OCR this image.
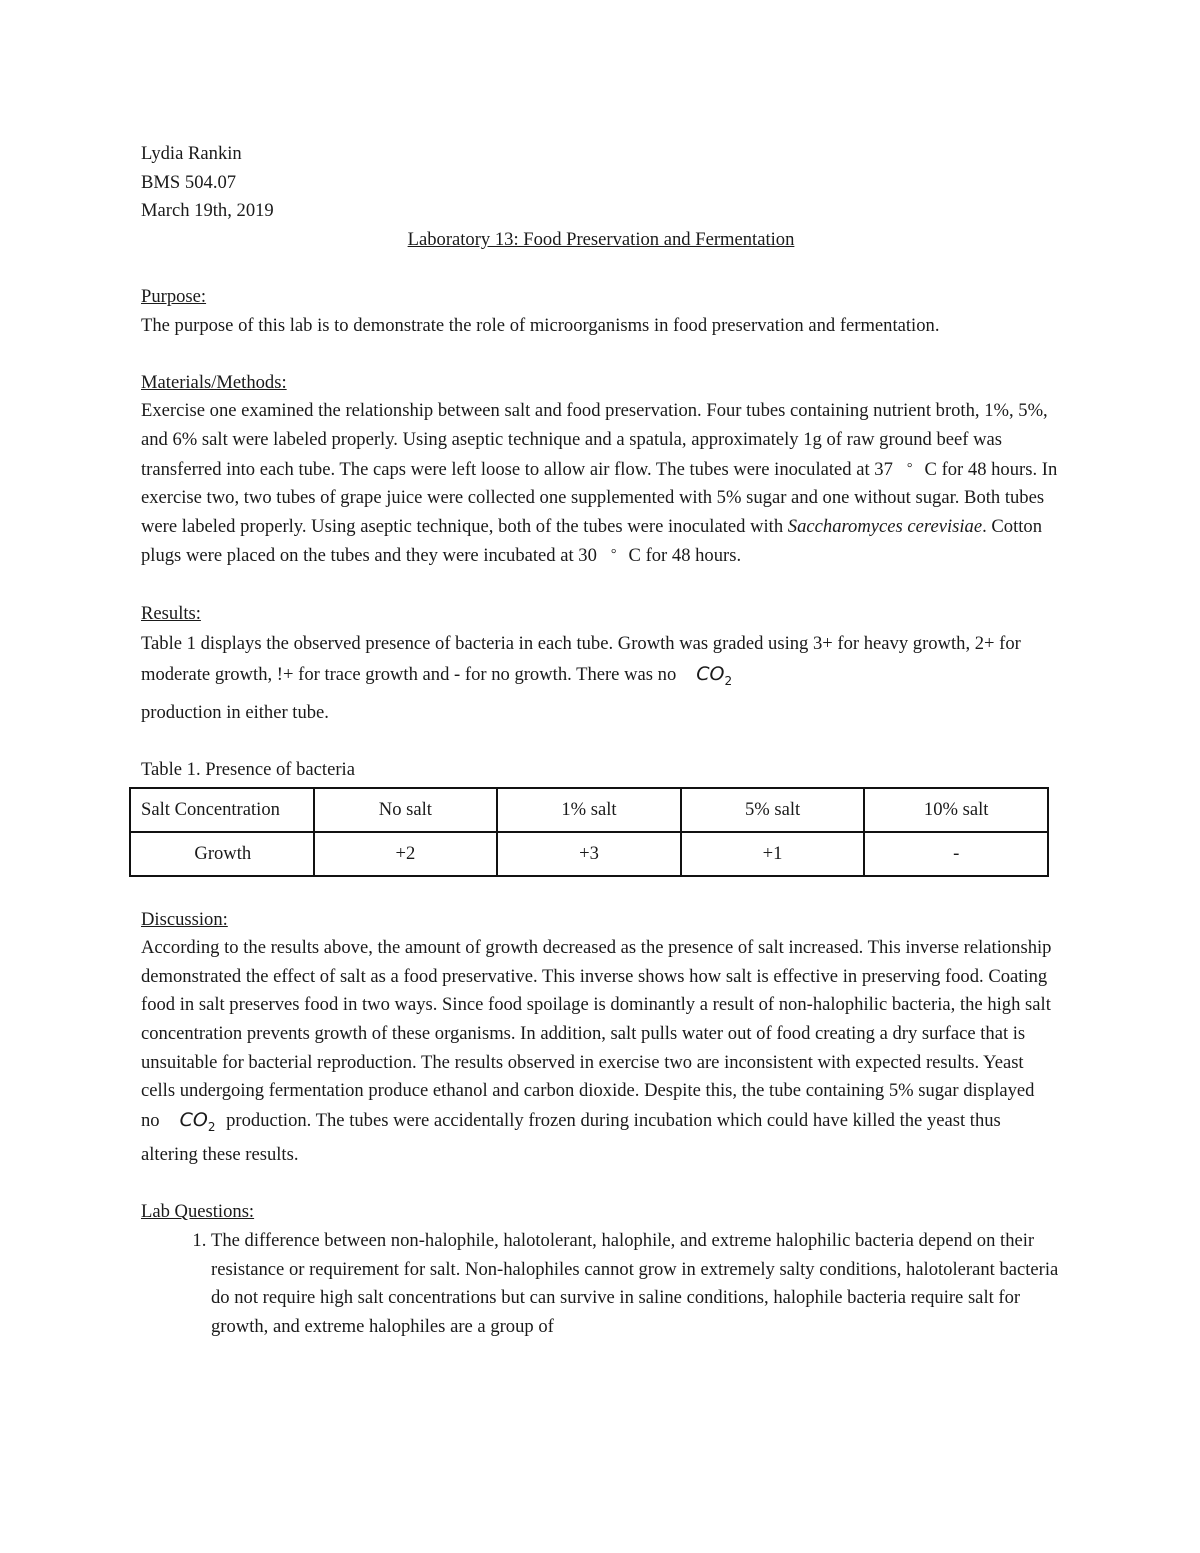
Lydia Rankin
BMS 504.07
March 19th, 2019
Laboratory 13: Food Preservation and Fermentation
Purpose:

The purpose of this lab is to demonstrate the role of microorganisms in food preservation and fermentation.

Materials/Methods:

Exercise one examined the relationship between salt and food preservation. Four tubes containing nutrient broth, 1%, 5%, and 6% salt were labeled properly. Using aseptic technique and a spatula, approximately 1g of raw ground beef was transferred into each tube. The caps were left loose to allow air flow. The tubes were inoculated at 37 ° C for 48 hours. In exercise two, two tubes of grape juice were collected one supplemented with 5% sugar and one without sugar. Both tubes were labeled properly. Using aseptic technique, both of the tubes were inoculated with Saccharomyces cerevisiae. Cotton plugs were placed on the tubes and they were incubated at 30 ° C for 48 hours.

Results:

Table 1 displays the observed presence of bacteria in each tube. Growth was graded using 3+ for heavy growth, 2+ for moderate growth, !+ for trace growth and - for no growth. There was no $CO_2$
production in either tube.

Table 1. Presence of bacteria
Salt Concentration	No salt	1% salt	5% salt	10% salt
Growth	+2	+3	+1	-
Discussion:

According to the results above, the amount of growth decreased as the presence of salt increased. This inverse relationship demonstrated the effect of salt as a food preservative. This inverse shows how salt is effective in preserving food. Coating food in salt preserves food in two ways. Since food spoilage is dominantly a result of non-halophilic bacteria, the high salt concentration prevents growth of these organisms. In addition, salt pulls water out of food creating a dry surface that is unsuitable for bacterial reproduction. The results observed in exercise two are inconsistent with expected results. Yeast cells undergoing fermentation produce ethanol and carbon dioxide. Despite this, the tube containing 5% sugar displayed no $CO_2$ production. The tubes were accidentally frozen during incubation which could have killed the yeast thus altering these results.

Lab Questions:
1. The difference between non-halophile, halotolerant, halophile, and extreme halophilic bacteria depend on their resistance or requirement for salt. Non-halophiles cannot grow in extremely salty conditions, halotolerant bacteria do not require high salt concentrations but can survive in saline conditions, halophile bacteria require salt for growth, and extreme halophiles are a group of
